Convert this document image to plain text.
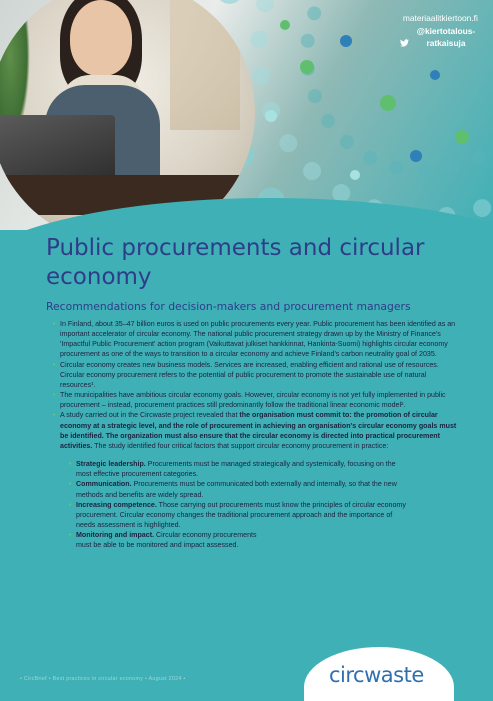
materiaalitkiertoon.fi
@kiertotalous-ratkaisuja
Public procurements and circular economy
Recommendations for decision-makers and procurement managers
• In Finland, about 35–47 billion euros is used on public procurements every year. Public procurement has been identified as an important accelerator of circular economy. The national public procurement strategy drawn up by the Ministry of Finance's 'Impactful Public Procurement' action program (Vaikuttavat julkiset hankkinnat, Hankinta-Suomi) highlights circular economy procurement as one of the ways to transition to a circular economy and achieve Finland's carbon neutrality goal of 2035.
• Circular economy creates new business models. Services are increased, enabling efficient and rational use of resources. Circular economy procurement refers to the potential of public procurement to promote the sustainable use of natural resources¹.
• The municipalities have ambitious circular economy goals. However, circular economy is not yet fully implemented in public procurement – instead, procurement practices still predominantly follow the traditional linear economic model².
• A study carried out in the Circwaste project revealed that the organisation must commit to: the promotion of circular economy at a strategic level, and the role of procurement in achieving an organisation's circular economy goals must be identified. The organization must also ensure that the circular economy is directed into practical procurement activities. The study identified four critical factors that support circular economy procurement in practice:
• Strategic leadership. Procurements must be managed strategically and systemically, focusing on the most effective procurement categories.
• Communication. Procurements must be communicated both externally and internally, so that the new methods and benefits are widely spread.
• Increasing competence. Those carrying out procurements must know the principles of circular economy procurement. Circular economy changes the traditional procurement approach and the importance of needs assessment is highlighted.
• Monitoring and impact. Circular economy procurements must be able to be monitored and impact assessed.
• CircBrief • Best practices in circular economy • August 2024 •	circwaste
